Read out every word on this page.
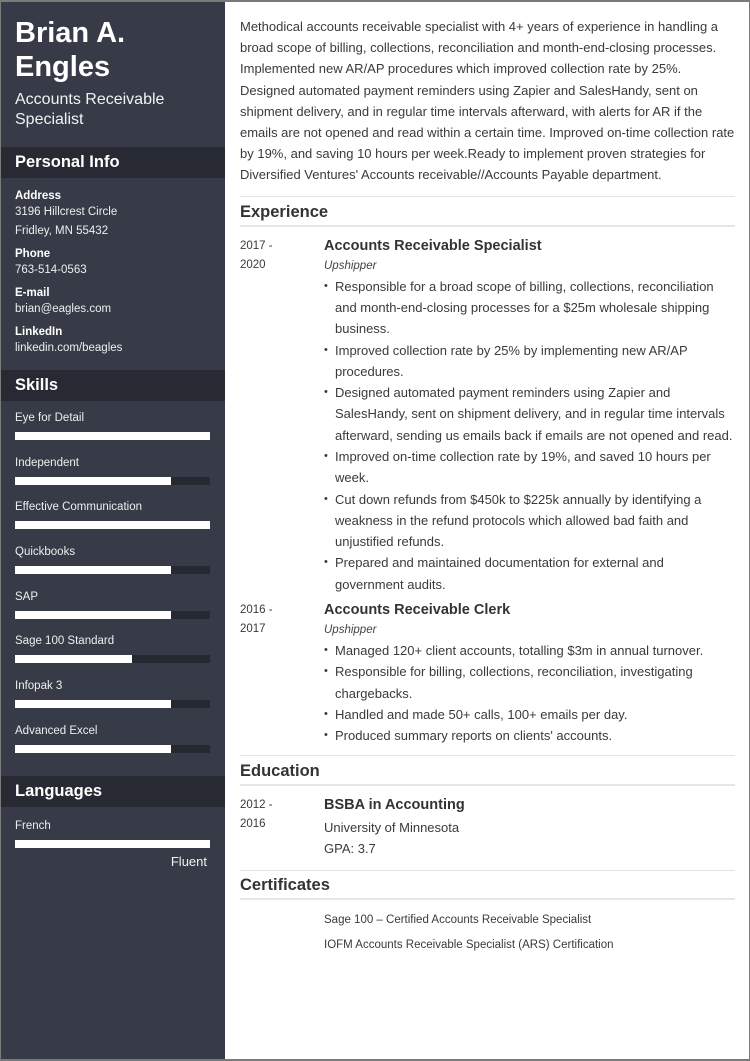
Brian A.
Engles
Accounts Receivable
Specialist
Personal Info
Address
3196 Hillcrest Circle
Fridley, MN 55432
Phone
763-514-0563
E-mail
brian@eagles.com
LinkedIn
linkedin.com/beagles
Skills
Eye for Detail
Independent
Effective Communication
Quickbooks
SAP
Sage 100 Standard
Infopak 3
Advanced Excel
Languages
French
Fluent

Methodical accounts receivable specialist with 4+ years of experience in handling a broad scope of billing, collections, reconciliation and month-end-closing processes. Implemented new AR/AP procedures which improved collection rate by 25%. Designed automated payment reminders using Zapier and SalesHandy, sent on shipment delivery, and in regular time intervals afterward, with alerts for AR if the emails are not opened and read within a certain time. Improved on-time collection rate by 19%, and saving 10 hours per week.Ready to implement proven strategies for Diversified Ventures' Accounts receivable//Accounts Payable department.

Experience
2017 -
2020
Accounts Receivable Specialist
Upshipper
• Responsible for a broad scope of billing, collections, reconciliation and month-end-closing processes for a $25m wholesale shipping business.
• Improved collection rate by 25% by implementing new AR/AP procedures.
• Designed automated payment reminders using Zapier and SalesHandy, sent on shipment delivery, and in regular time intervals afterward, sending us emails back if emails are not opened and read.
• Improved on-time collection rate by 19%, and saved 10 hours per week.
• Cut down refunds from $450k to $225k annually by identifying a weakness in the refund protocols which allowed bad faith and unjustified refunds.
• Prepared and maintained documentation for external and government audits.
2016 -
2017
Accounts Receivable Clerk
Upshipper
• Managed 120+ client accounts, totalling $3m in annual turnover.
• Responsible for billing, collections, reconciliation, investigating chargebacks.
• Handled and made 50+ calls, 100+ emails per day.
• Produced summary reports on clients' accounts.
Education
2012 -
2016
BSBA in Accounting
University of Minnesota
GPA: 3.7
Certificates
Sage 100 – Certified Accounts Receivable Specialist
IOFM Accounts Receivable Specialist (ARS) Certification
